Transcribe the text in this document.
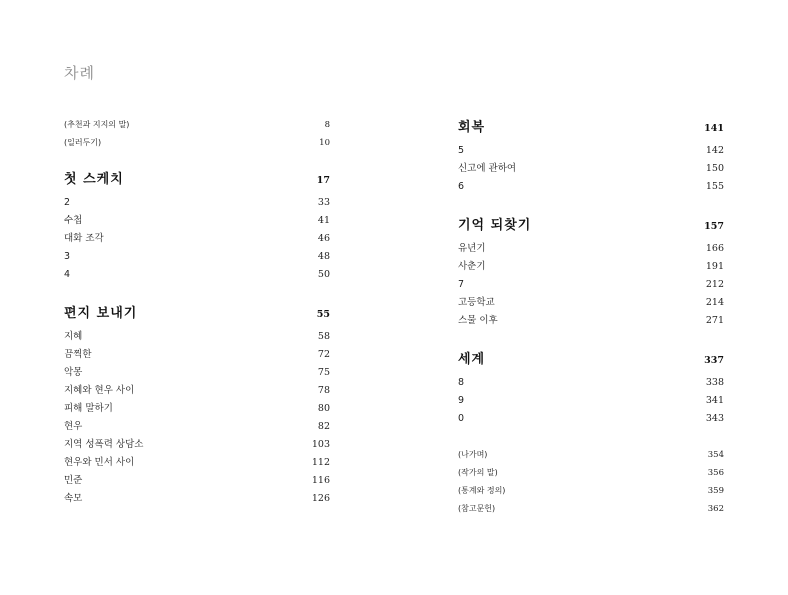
차례
(추천과 지지의 말)	8
(일러두기)	10
첫 스케치	17
2	33
수첩	41
대화 조각	46
3	48
4	50
편지 보내기	55
지혜	58
끔찍한	72
악몽	75
지혜와 현우 사이	78
피해 말하기	80
현우	82
지역 성폭력 상담소	103
현우와 민서 사이	112
민준	116
속모	126
회복	141
5	142
신고에 관하여	150
6	155
기억 되찾기	157
유년기	166
사춘기	191
7	212
고등학교	214
스물 이후	271
세계	337
8	338
9	341
0	343
(나가며)	354
(작가의 말)	356
(통계와 정의)	359
(참고문헌)	362
